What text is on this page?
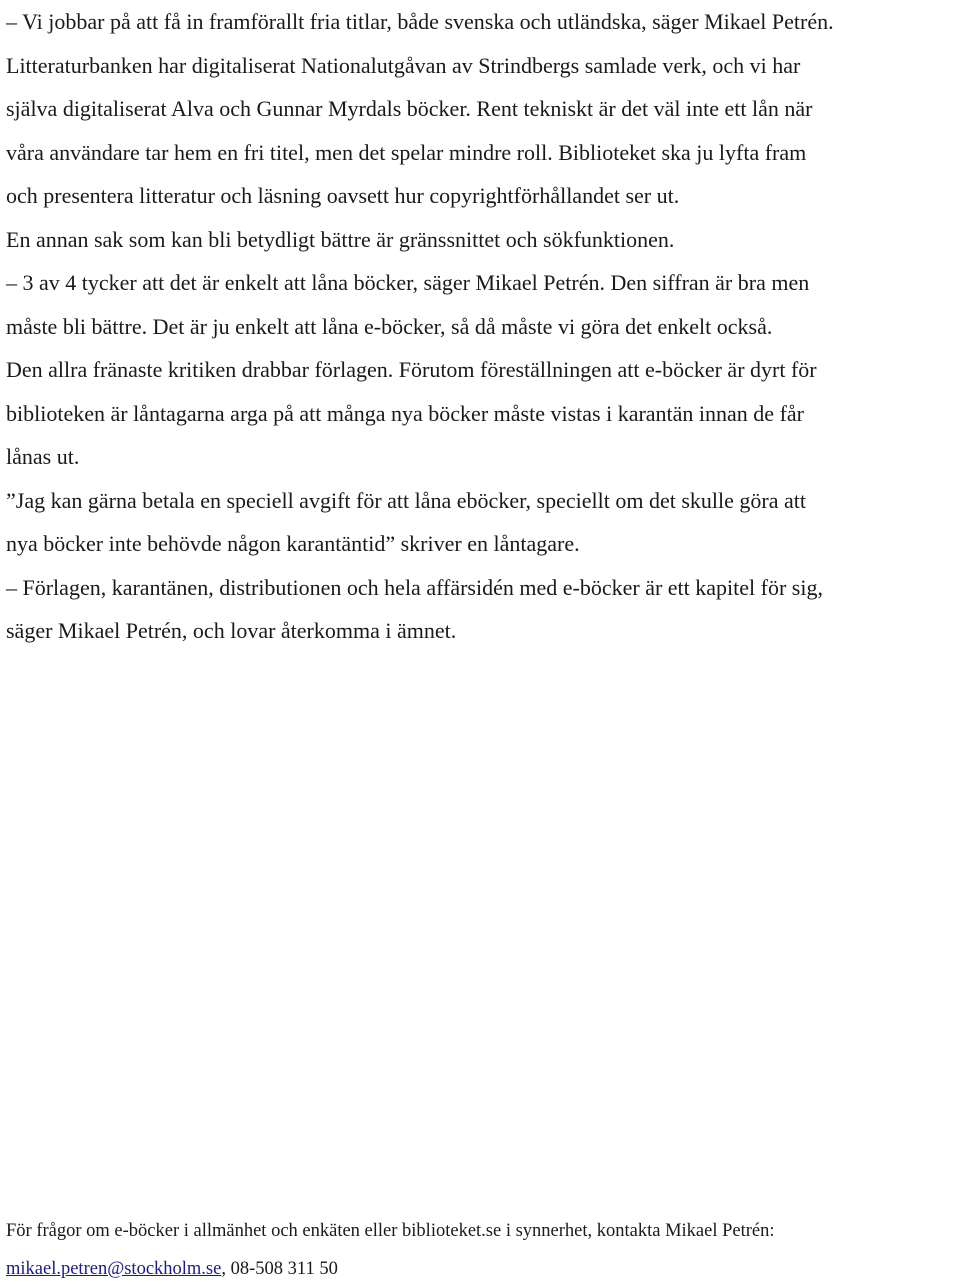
– Vi jobbar på att få in framförallt fria titlar, både svenska och utländska, säger Mikael Petrén.

Litteraturbanken har digitaliserat Nationalutgåvan av Strindbergs samlade verk, och vi har

själva digitaliserat Alva och Gunnar Myrdals böcker. Rent tekniskt är det väl inte ett lån när

våra användare tar hem en fri titel, men det spelar mindre roll. Biblioteket ska ju lyfta fram

och presentera litteratur och läsning oavsett hur copyrightförhållandet ser ut.

En annan sak som kan bli betydligt bättre är gränssnittet och sökfunktionen.

– 3 av 4 tycker att det är enkelt att låna böcker, säger Mikael Petrén. Den siffran är bra men

måste bli bättre. Det är ju enkelt att låna e-böcker, så då måste vi göra det enkelt också.

Den allra fränaste kritiken drabbar förlagen. Förutom föreställningen att e-böcker är dyrt för

biblioteken är låntagarna arga på att många nya böcker måste vistas i karantän innan de får

lånas ut.

”Jag kan gärna betala en speciell avgift för att låna eböcker, speciellt om det skulle göra att

nya böcker inte behövde någon karantäntid” skriver en låntagare.

– Förlagen, karantänen, distributionen och hela affärsidén med e-böcker är ett kapitel för sig,

säger Mikael Petrén, och lovar återkomma i ämnet.

För frågor om e-böcker i allmänhet och enkäten eller biblioteket.se i synnerhet, kontakta Mikael Petrén:

mikael.petren@stockholm.se, 08-508 311 50
